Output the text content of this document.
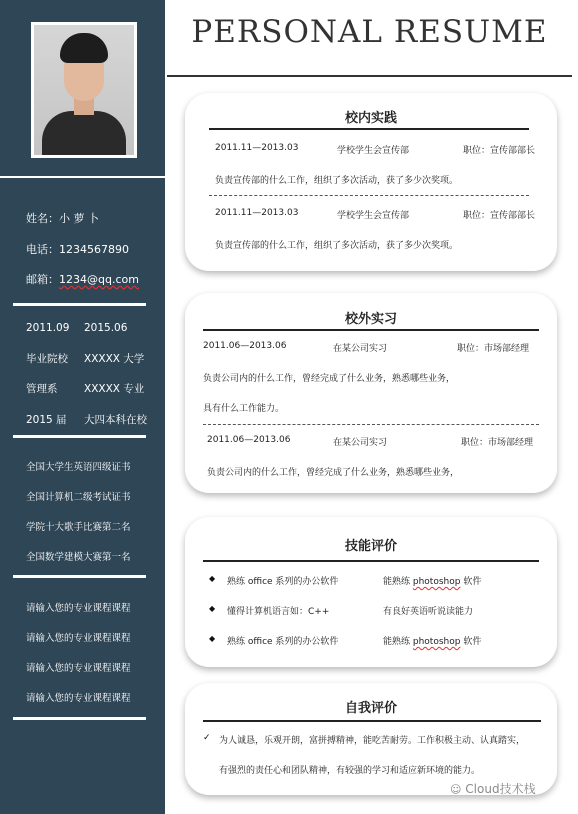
姓名：小 萝 卜
电话：1234567890
邮箱：1234@qq.com
2011.09 2015.06
毕业院校 XXXXX 大学
管理系	XXXXX 专业
2015 届 大四本科在校
全国大学生英语四级证书
全国计算机二级考试证书
学院十大歌手比赛第二名
全国数学建模大赛第一名
请输入您的专业课程课程
请输入您的专业课程课程
请输入您的专业课程课程
请输入您的专业课程课程
PERSONAL RESUME
校内实践
2011.11—2013.03	学校学生会宣传部	职位：宣传部部长
负责宣传部的什么工作，组织了多次活动，获了多少次奖项。
2011.11—2013.03	学校学生会宣传部	职位：宣传部部长
负责宣传部的什么工作，组织了多次活动，获了多少次奖项。
校外实习
2011.06—2013.06	在某公司实习	职位：市场部经理
负责公司内的什么工作，曾经完成了什么业务，熟悉哪些业务，
具有什么工作能力。
2011.06—2013.06	在某公司实习	职位：市场部经理
负责公司内的什么工作，曾经完成了什么业务，熟悉哪些业务，
技能评价
◆ 熟练 office 系列的办公软件	能熟练 photoshop 软件
◆ 懂得计算机语言如：C++	有良好英语听说读能力
◆ 熟练 office 系列的办公软件	能熟练 photoshop 软件
自我评价
✓ 为人诚恳，乐观开朗，富拼搏精神，能吃苦耐劳。工作积极主动、认真踏实，
有强烈的责任心和团队精神，有较强的学习和适应新环境的能力。
☺ Cloud技术栈
